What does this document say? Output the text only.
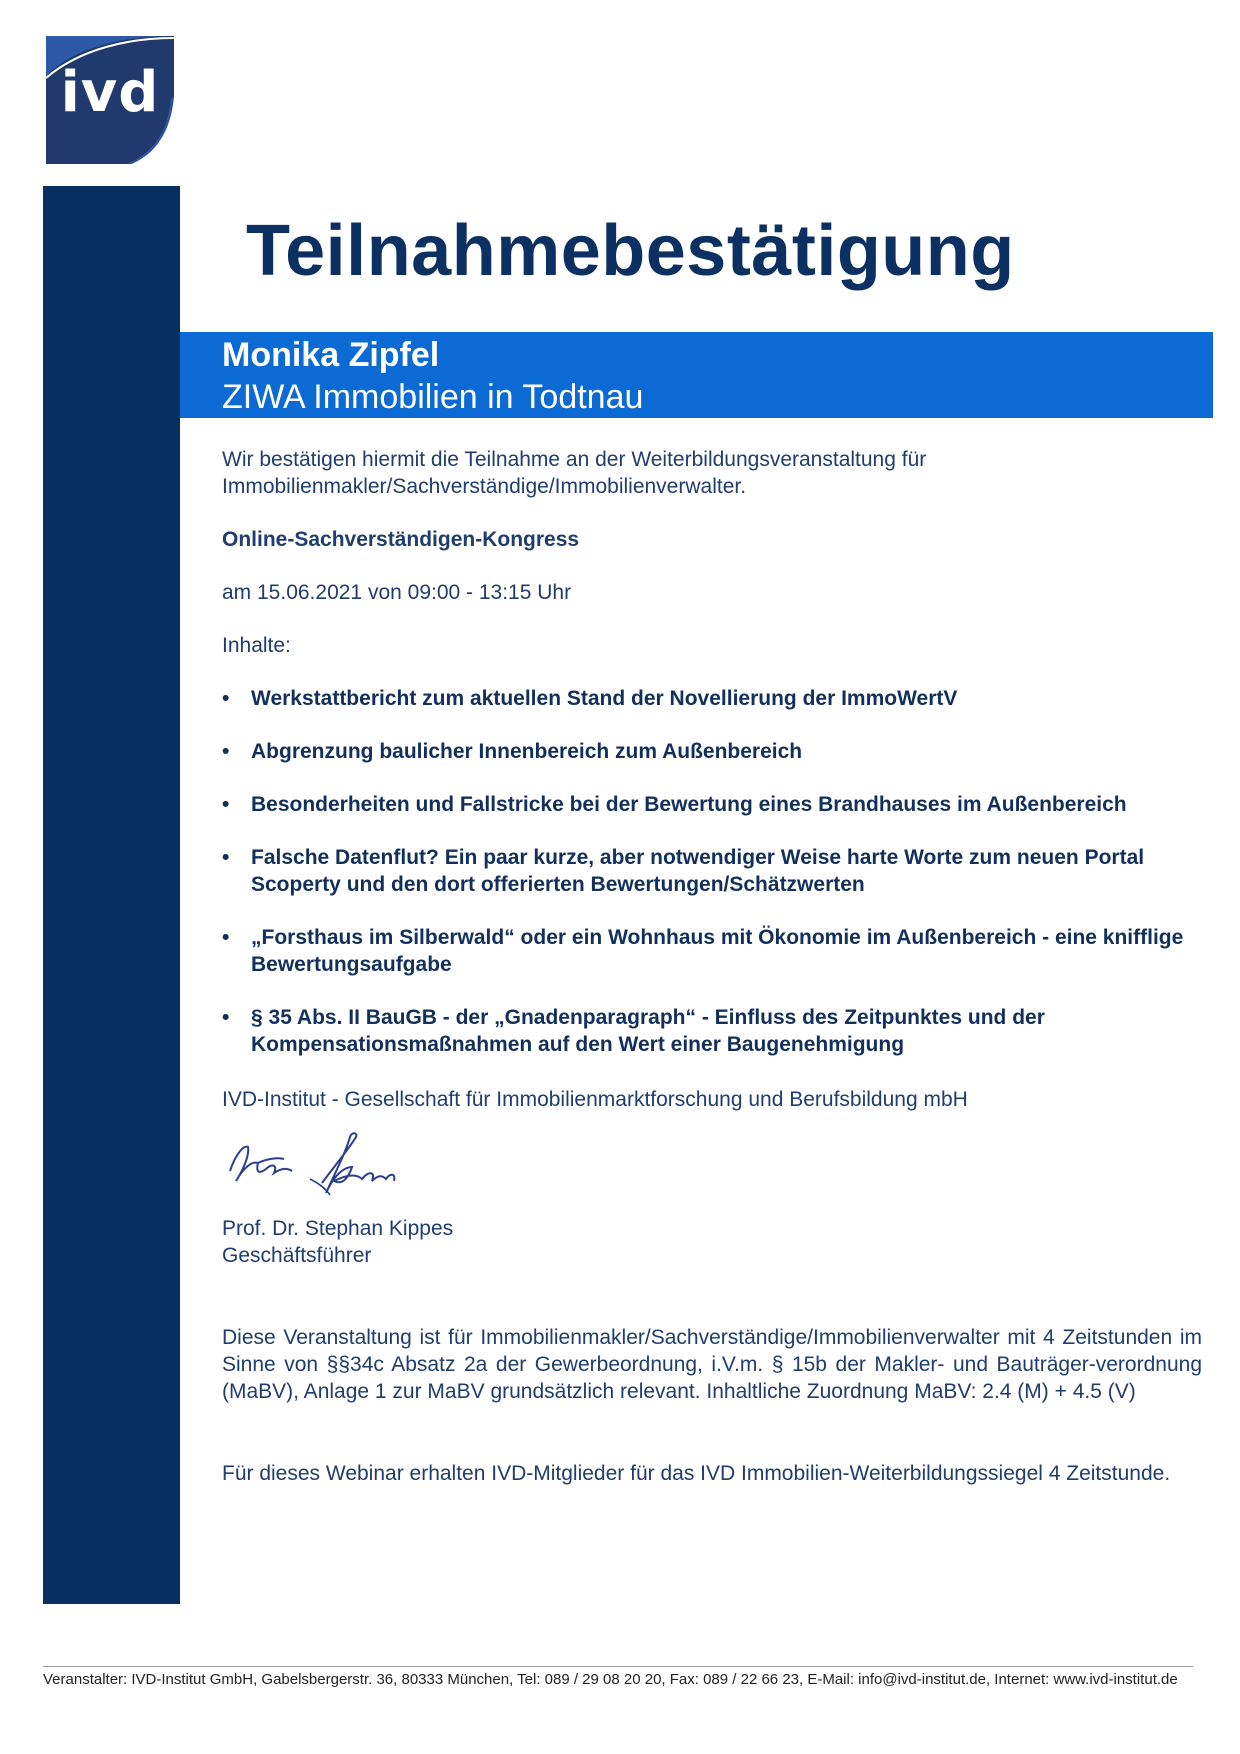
ivd
Teilnahmebestätigung
Monika Zipfel
ZIWA Immobilien in Todtnau

Wir bestätigen hiermit die Teilnahme an der Weiterbildungsveranstaltung für Immobilienmakler/Sachverständige/Immobilienverwalter.

Online-Sachverständigen-Kongress

am 15.06.2021 von 09:00 - 13:15 Uhr

Inhalte:

• Werkstattbericht zum aktuellen Stand der Novellierung der ImmoWertV
• Abgrenzung baulicher Innenbereich zum Außenbereich
• Besonderheiten und Fallstricke bei der Bewertung eines Brandhauses im Außenbereich
• Falsche Datenflut? Ein paar kurze, aber notwendiger Weise harte Worte zum neuen Portal Scoperty und den dort offerierten Bewertungen/Schätzwerten
• „Forsthaus im Silberwald“ oder ein Wohnhaus mit Ökonomie im Außenbereich - eine knifflige Bewertungsaufgabe
• § 35 Abs. II BauGB - der „Gnadenparagraph“ - Einfluss des Zeitpunktes und der Kompensationsmaßnahmen auf den Wert einer Baugenehmigung

IVD-Institut - Gesellschaft für Immobilienmarktforschung und Berufsbildung mbH

Prof. Dr. Stephan Kippes

Geschäftsführer

Diese Veranstaltung ist für Immobilienmakler/Sachverständige/Immobilienverwalter mit 4 Zeitstunden im Sinne von §§34c Absatz 2a der Gewerbeordnung, i.V.m. § 15b der Makler- und Bauträger-verordnung (MaBV), Anlage 1 zur MaBV grundsätzlich relevant. Inhaltliche Zuordnung MaBV: 2.4 (M) + 4.5 (V)

Für dieses Webinar erhalten IVD-Mitglieder für das IVD Immobilien-Weiterbildungssiegel 4 Zeitstunde.

Veranstalter: IVD-Institut GmbH, Gabelsbergerstr. 36, 80333 München, Tel: 089 / 29 08 20 20, Fax: 089 / 22 66 23, E-Mail: info@ivd-institut.de, Internet: www.ivd-institut.de
